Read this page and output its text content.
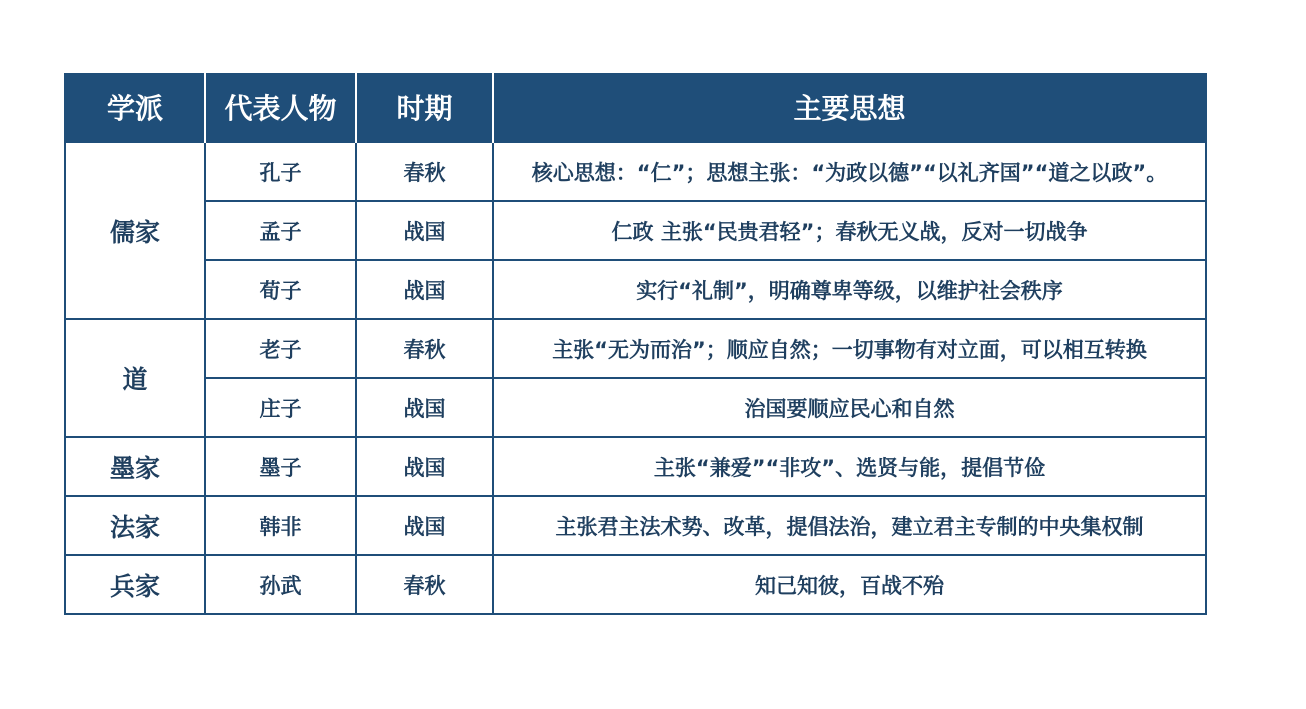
学派	代表人物	时期	主要思想
儒家	孔子	春秋	核心思想：“仁”；思想主张：“为政以德”“以礼齐国”“道之以政”。
	孟子	战国	仁政 主张“民贵君轻”；春秋无义战，反对一切战争
	荀子	战国	实行“礼制”，明确尊卑等级，以维护社会秩序
道	老子	春秋	主张“无为而治”；顺应自然；一切事物有对立面，可以相互转换
	庄子	战国	治国要顺应民心和自然
墨家	墨子	战国	主张“兼爱”“非攻”、选贤与能，提倡节俭
法家	韩非	战国	主张君主法术势、改革，提倡法治，建立君主专制的中央集权制
兵家	孙武	春秋	知己知彼，百战不殆
